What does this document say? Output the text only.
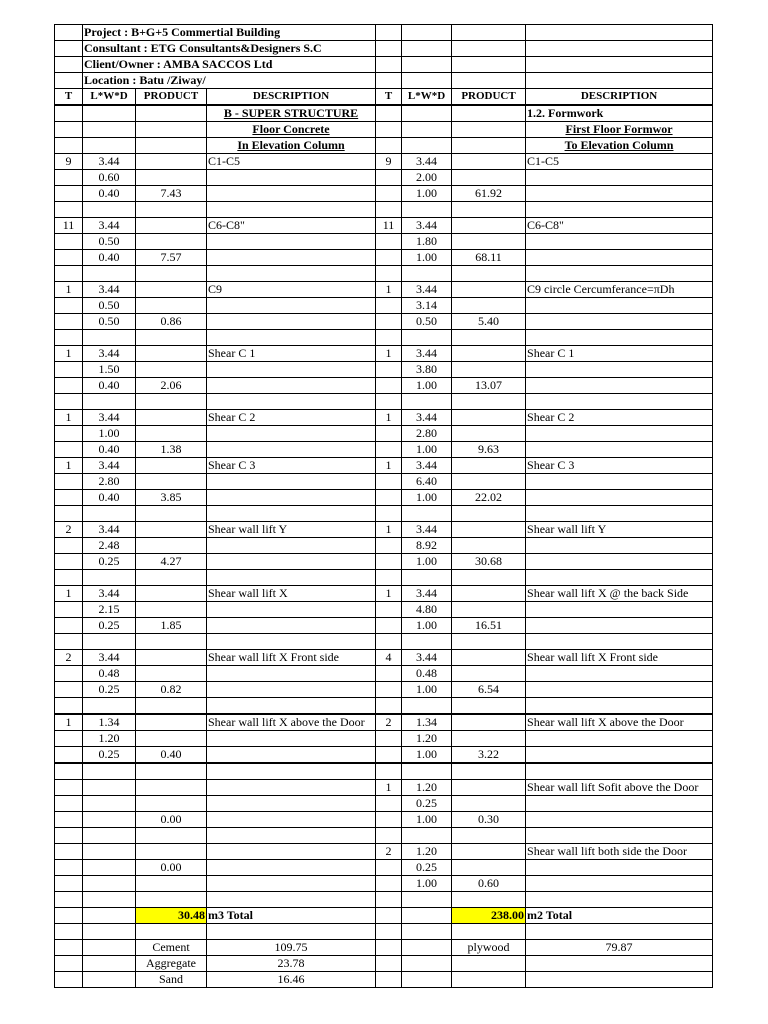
	Project : B+G+5 Commertial Building						
	Consultant : ETG Consultants&Designers S.C						
	Client/Owner : AMBA SACCOS Ltd						
	Location : Batu /Ziway/						
T	L*W*D	PRODUCT	DESCRIPTION	T	L*W*D	PRODUCT	DESCRIPTION
			B - SUPER STRUCTURE				1.2. Formwork
			Floor Concrete				First Floor Formwor
			In Elevation Column				To Elevation Column
9	3.44		C1-C5	9	3.44		C1-C5
	0.60				2.00		
	0.40	7.43			1.00	61.92	

11	3.44		C6-C8"	11	3.44		C6-C8"
	0.50				1.80		
	0.40	7.57			1.00	68.11	

1	3.44		C9	1	3.44		C9 circle Cercumferance=πDh
	0.50				3.14		
	0.50	0.86			0.50	5.40	

1	3.44		Shear C 1	1	3.44		Shear C 1
	1.50				3.80		
	0.40	2.06			1.00	13.07	

1	3.44		Shear C 2	1	3.44		Shear C 2
	1.00				2.80		
	0.40	1.38			1.00	9.63	
1	3.44		Shear C 3	1	3.44		Shear C 3
	2.80				6.40		
	0.40	3.85			1.00	22.02	

2	3.44		Shear wall lift Y	1	3.44		Shear wall lift Y
	2.48				8.92		
	0.25	4.27			1.00	30.68	

1	3.44		Shear wall lift X	1	3.44		Shear wall lift X @ the back Side
	2.15				4.80		
	0.25	1.85			1.00	16.51	

2	3.44		Shear wall lift X Front side	4	3.44		Shear wall lift X Front side
	0.48				0.48		
	0.25	0.82			1.00	6.54	

1	1.34		Shear wall lift X above the Door	2	1.34		Shear wall lift X above the Door
	1.20				1.20		
	0.25	0.40			1.00	3.22	

				1	1.20		Shear wall lift Sofit above the Door
					0.25		
		0.00			1.00	0.30	

				2	1.20		Shear wall lift both side the Door
		0.00			0.25		
					1.00	0.60	

		30.48	m3 Total			238.00	m2 Total

		Cement	109.75			plywood	79.87
		Aggregate	23.78				
		Sand	16.46				
